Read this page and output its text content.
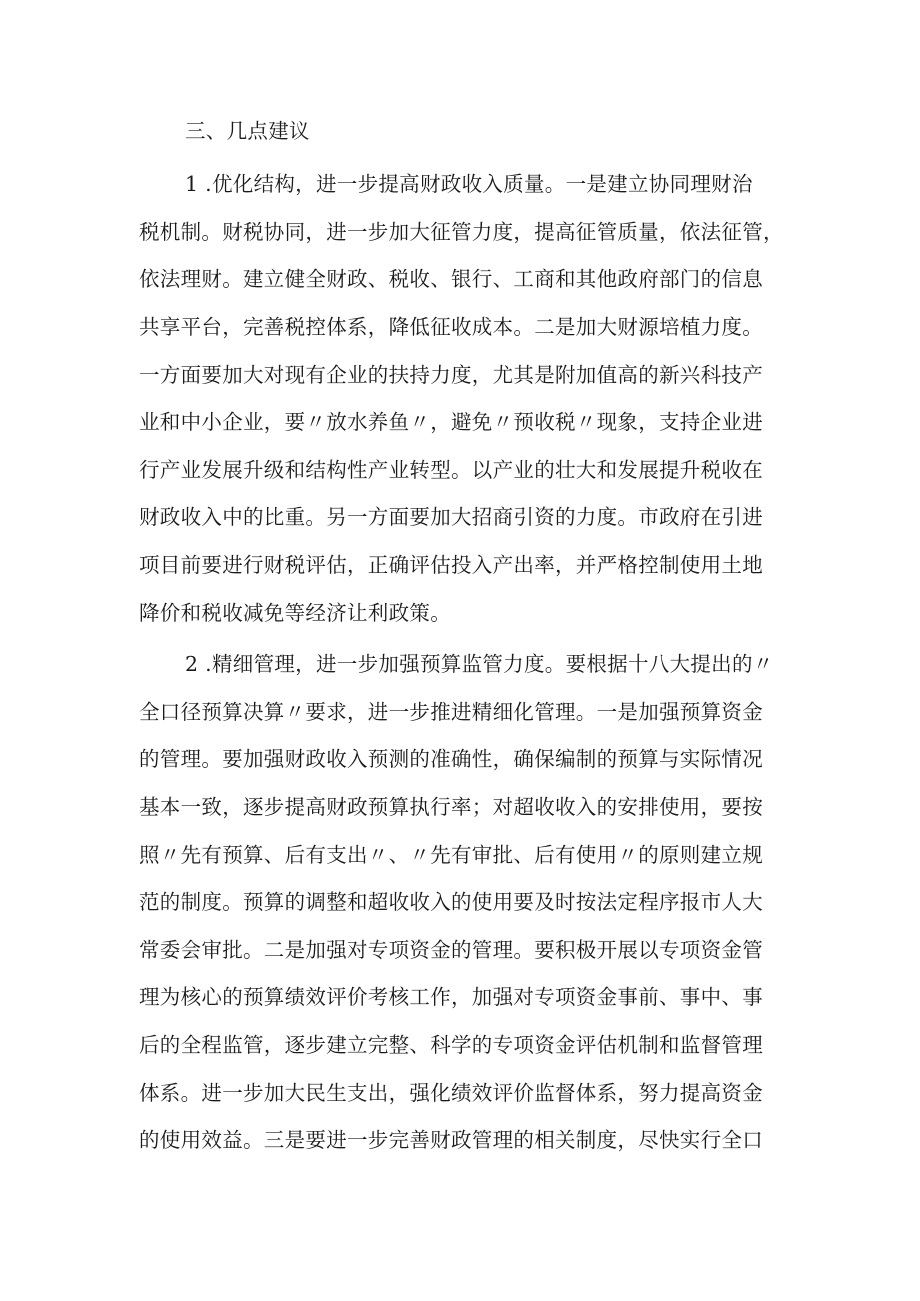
三、几点建议
1 .优化结构，进一步提高财政收入质量。一是建立协同理财治
税机制。财税协同，进一步加大征管力度，提高征管质量，依法征管，
依法理财。建立健全财政、税收、银行、工商和其他政府部门的信息
共享平台，完善税控体系，降低征收成本。二是加大财源培植力度。
一方面要加大对现有企业的扶持力度，尤其是附加值高的新兴科技产
业和中小企业，要〃放水养鱼〃，避免〃预收税〃现象，支持企业进
行产业发展升级和结构性产业转型。以产业的壮大和发展提升税收在
财政收入中的比重。另一方面要加大招商引资的力度。市政府在引进
项目前要进行财税评估，正确评估投入产出率，并严格控制使用土地
降价和税收减免等经济让利政策。
2 .精细管理，进一步加强预算监管力度。要根据十八大提出的〃
全口径预算决算〃要求，进一步推进精细化管理。一是加强预算资金
的管理。要加强财政收入预测的准确性，确保编制的预算与实际情况
基本一致，逐步提高财政预算执行率；对超收收入的安排使用，要按
照〃先有预算、后有支出〃、〃先有审批、后有使用〃的原则建立规
范的制度。预算的调整和超收收入的使用要及时按法定程序报市人大
常委会审批。二是加强对专项资金的管理。要积极开展以专项资金管
理为核心的预算绩效评价考核工作，加强对专项资金事前、事中、事
后的全程监管，逐步建立完整、科学的专项资金评估机制和监督管理
体系。进一步加大民生支出，强化绩效评价监督体系，努力提高资金
的使用效益。三是要进一步完善财政管理的相关制度，尽快实行全口
